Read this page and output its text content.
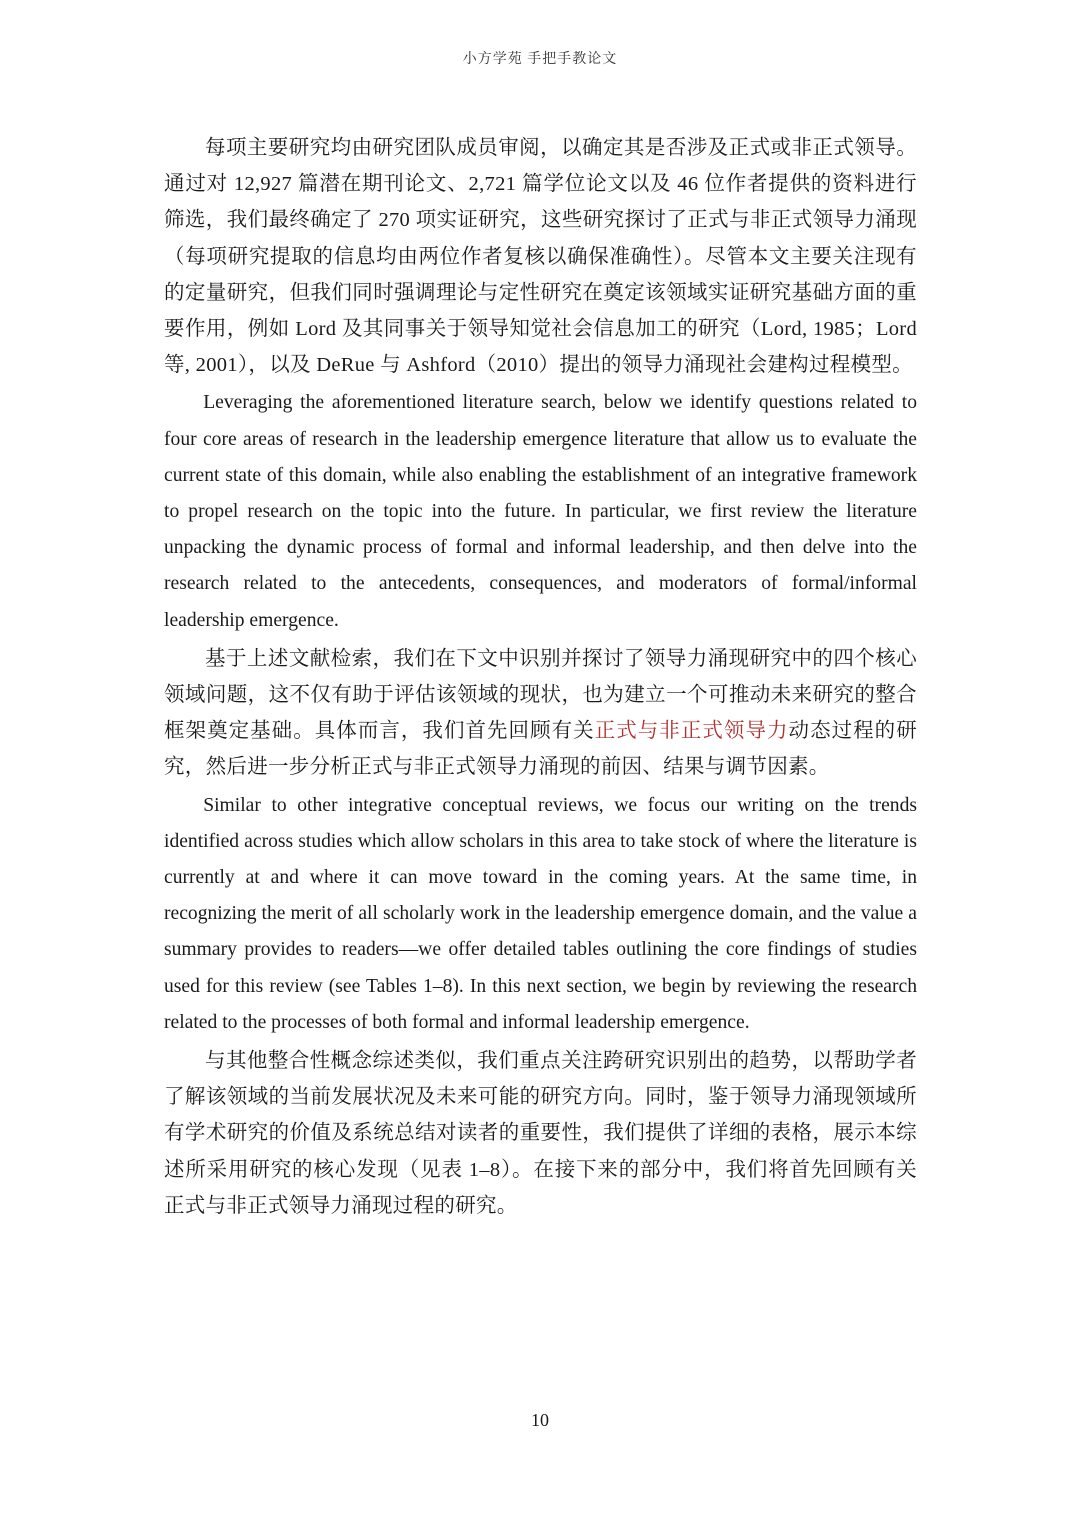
小方学苑 手把手教论文

每项主要研究均由研究团队成员审阅，以确定其是否涉及正式或非正式领导。通过对 12,927 篇潜在期刊论文、2,721 篇学位论文以及 46 位作者提供的资料进行筛选，我们最终确定了 270 项实证研究，这些研究探讨了正式与非正式领导力涌现（每项研究提取的信息均由两位作者复核以确保准确性）。尽管本文主要关注现有的定量研究，但我们同时强调理论与定性研究在奠定该领域实证研究基础方面的重要作用，例如 Lord 及其同事关于领导知觉社会信息加工的研究（Lord, 1985；Lord 等, 2001），以及 DeRue 与 Ashford（2010）提出的领导力涌现社会建构过程模型。

Leveraging the aforementioned literature search, below we identify questions related to four core areas of research in the leadership emergence literature that allow us to evaluate the current state of this domain, while also enabling the establishment of an integrative framework to propel research on the topic into the future. In particular, we first review the literature unpacking the dynamic process of formal and informal leadership, and then delve into the research related to the antecedents, consequences, and moderators of formal/informal leadership emergence.

基于上述文献检索，我们在下文中识别并探讨了领导力涌现研究中的四个核心领域问题，这不仅有助于评估该领域的现状，也为建立一个可推动未来研究的整合框架奠定基础。具体而言，我们首先回顾有关正式与非正式领导力动态过程的研究，然后进一步分析正式与非正式领导力涌现的前因、结果与调节因素。

Similar to other integrative conceptual reviews, we focus our writing on the trends identified across studies which allow scholars in this area to take stock of where the literature is currently at and where it can move toward in the coming years. At the same time, in recognizing the merit of all scholarly work in the leadership emergence domain, and the value a summary provides to readers—we offer detailed tables outlining the core findings of studies used for this review (see Tables 1–8). In this next section, we begin by reviewing the research related to the processes of both formal and informal leadership emergence.

与其他整合性概念综述类似，我们重点关注跨研究识别出的趋势，以帮助学者了解该领域的当前发展状况及未来可能的研究方向。同时，鉴于领导力涌现领域所有学术研究的价值及系统总结对读者的重要性，我们提供了详细的表格，展示本综述所采用研究的核心发现（见表 1–8）。在接下来的部分中，我们将首先回顾有关正式与非正式领导力涌现过程的研究。

10
